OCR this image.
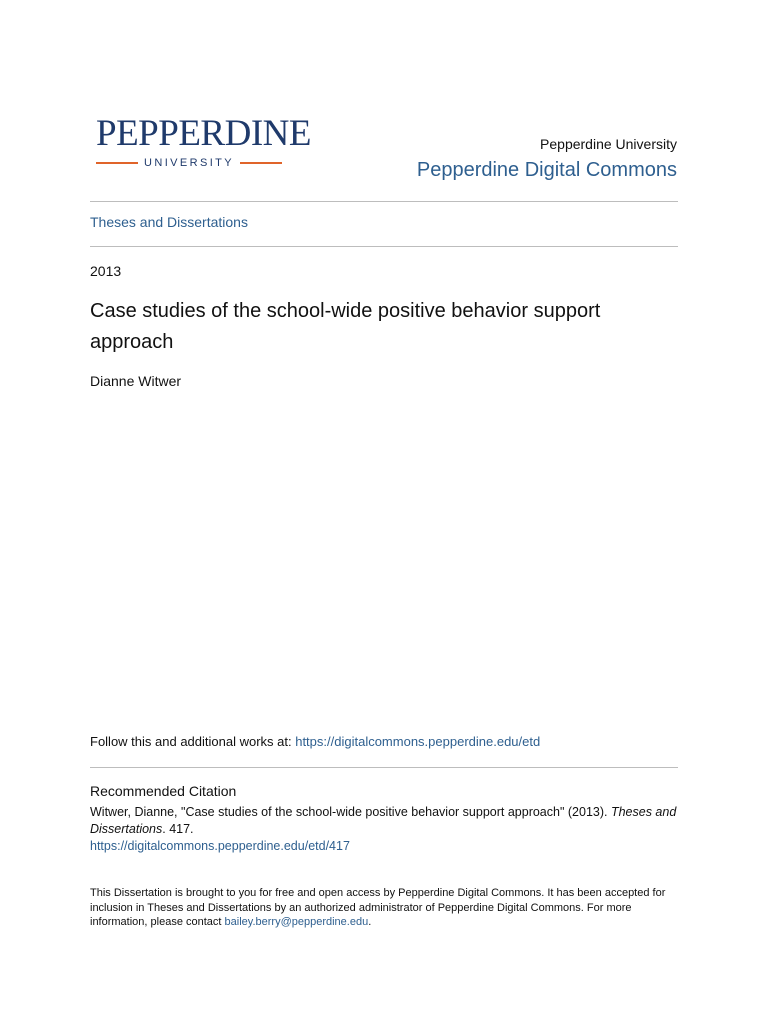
PEPPERDINE
UNIVERSITY
Pepperdine University
Pepperdine Digital Commons
Theses and Dissertations
2013
Case studies of the school-wide positive behavior support approach
Dianne Witwer
Follow this and additional works at: https://digitalcommons.pepperdine.edu/etd
Recommended Citation
Witwer, Dianne, "Case studies of the school-wide positive behavior support approach" (2013). Theses and Dissertations. 417.
https://digitalcommons.pepperdine.edu/etd/417
This Dissertation is brought to you for free and open access by Pepperdine Digital Commons. It has been accepted for inclusion in Theses and Dissertations by an authorized administrator of Pepperdine Digital Commons. For more information, please contact bailey.berry@pepperdine.edu.
